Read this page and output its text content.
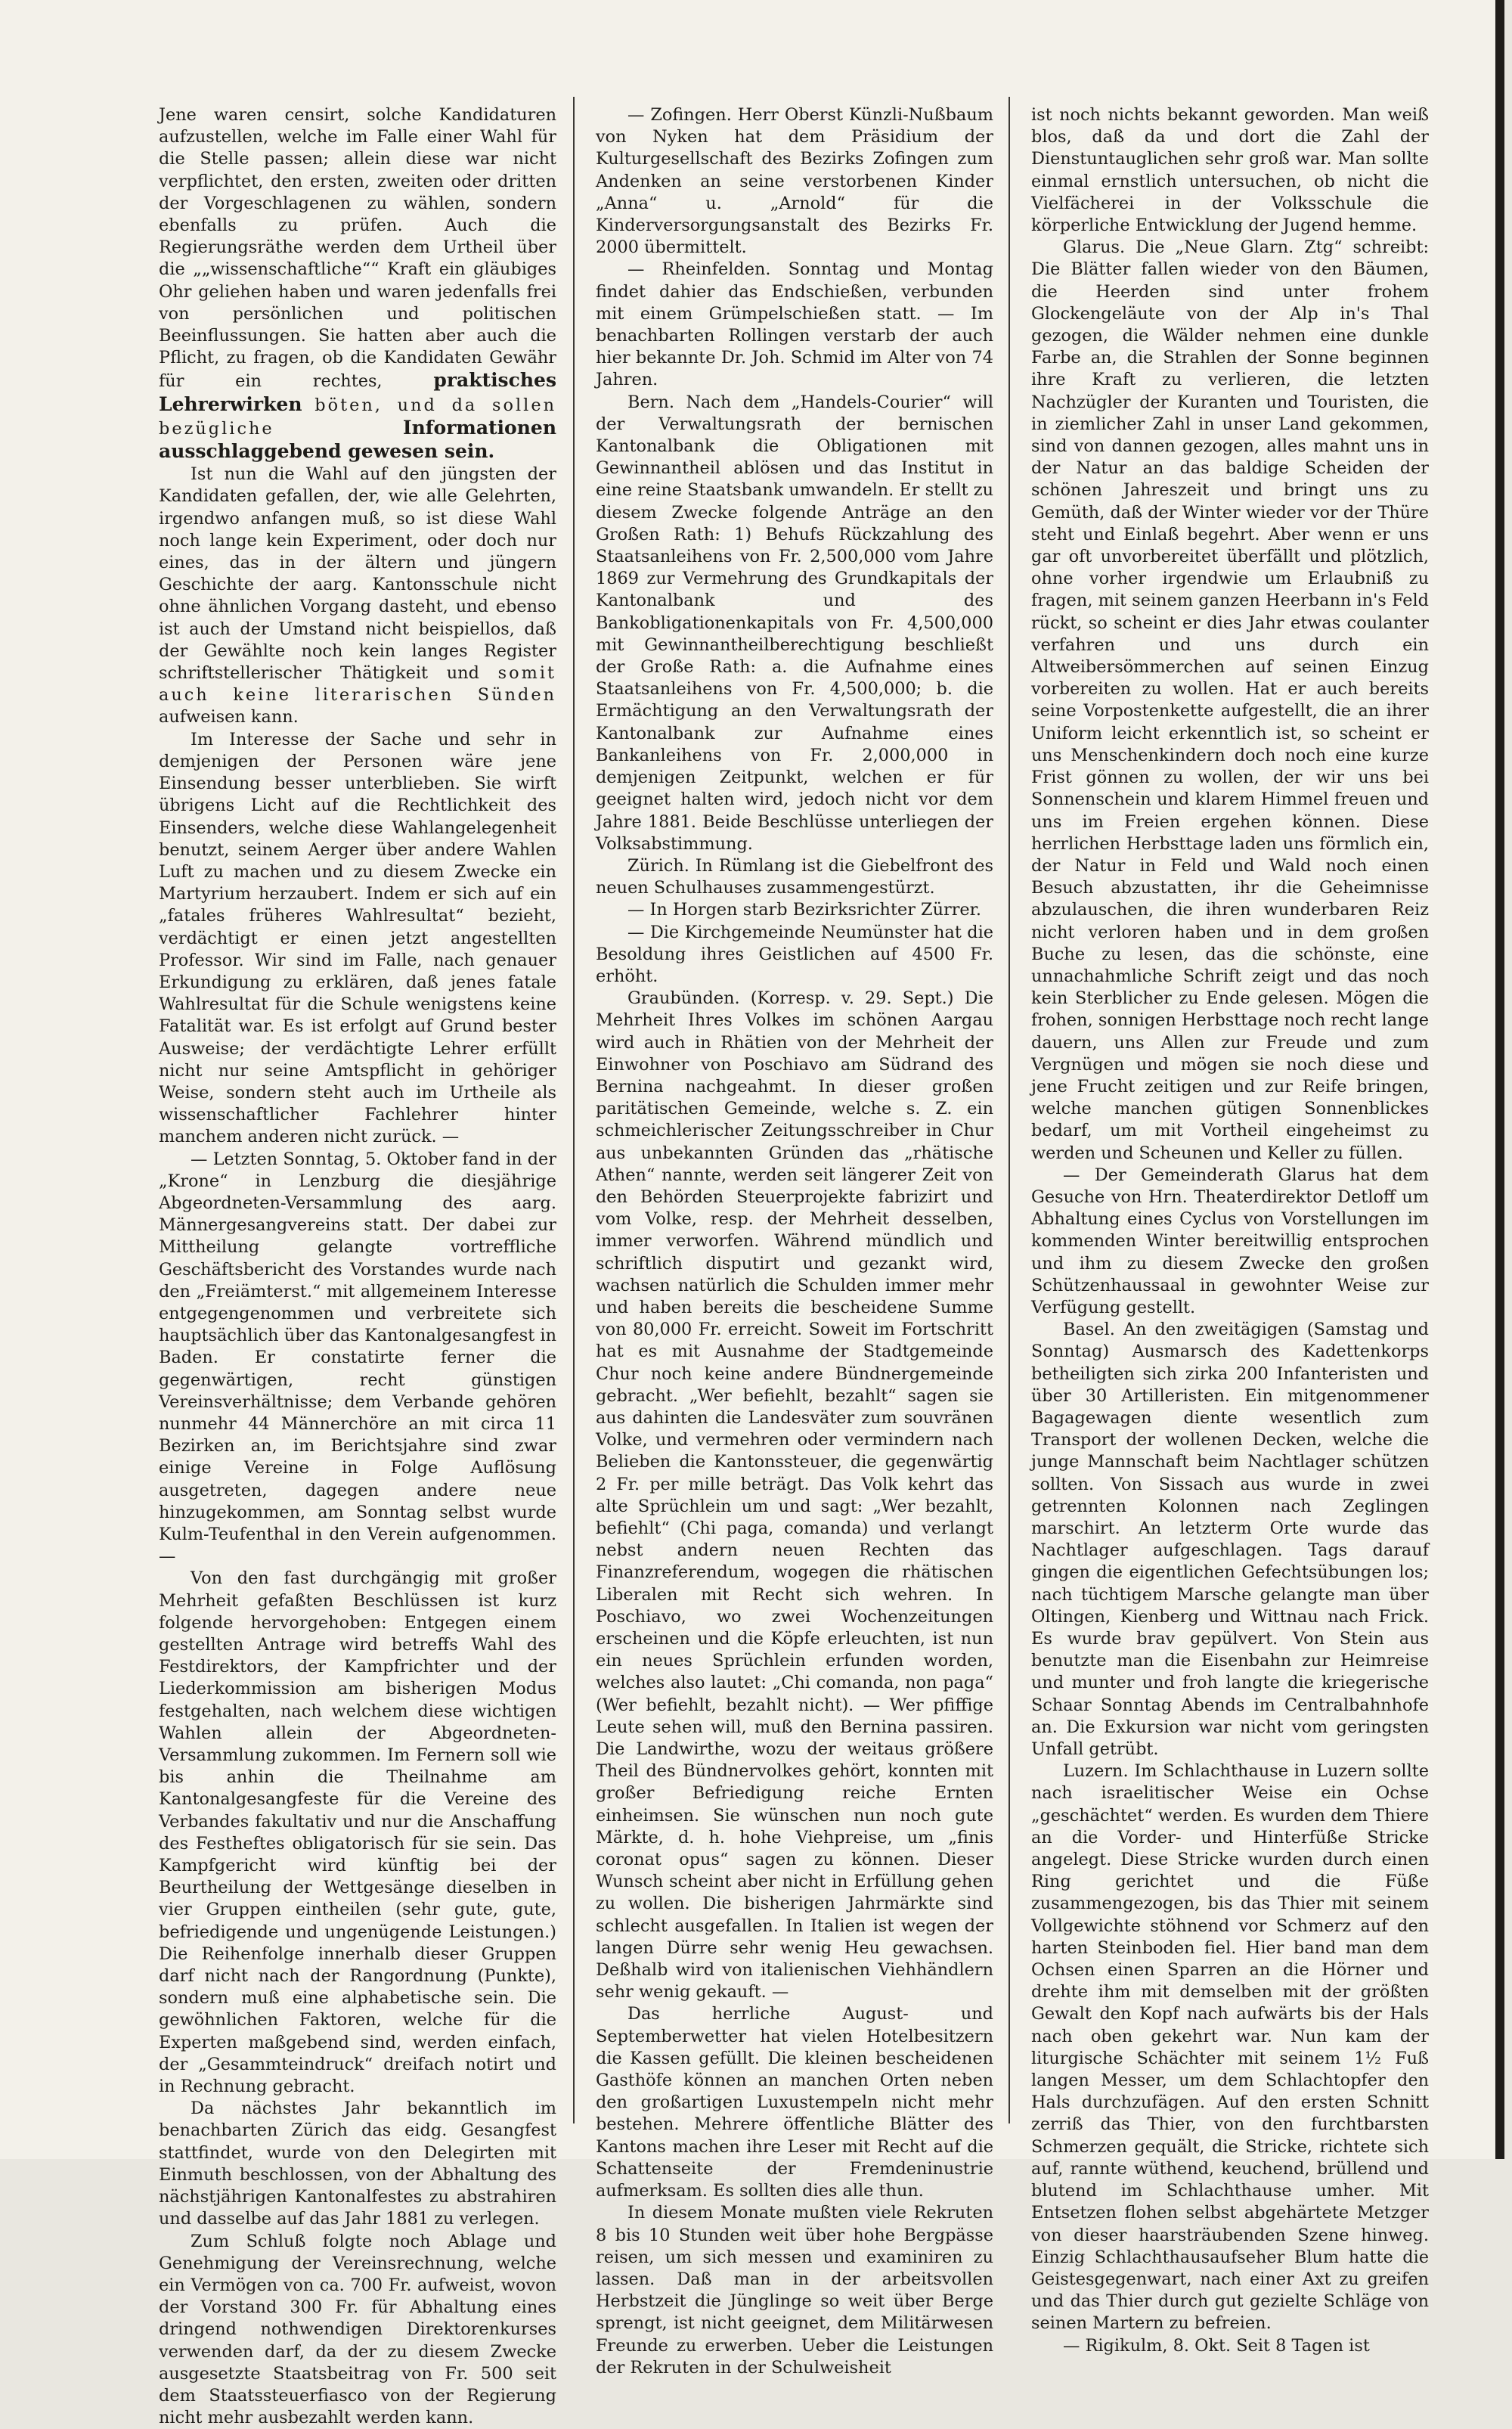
Jene waren censirt, solche Kandidaturen aufzustellen, welche im Falle einer Wahl für die Stelle passen; allein diese war nicht verpflichtet, den ersten, zweiten oder dritten der Vorgeschlagenen zu wählen, sondern ebenfalls zu prüfen. Auch die Regierungsräthe werden dem Urtheil über die „„wissenschaftliche““ Kraft ein gläubiges Ohr geliehen haben und waren jedenfalls frei von persönlichen und politischen Beeinflussungen. Sie hatten aber auch die Pflicht, zu fragen, ob die Kandidaten Gewähr für ein rechtes,	praktisches Lehrerwirken böten, und da sollen bezügliche	Informationen ausschlaggebend gewesen sein.

Ist nun die Wahl auf den jüngsten der Kandidaten gefallen, der, wie alle Gelehrten, irgendwo anfangen muß, so ist diese Wahl noch lange kein Experiment, oder doch nur eines, das in der ältern und jüngern Geschichte der aarg. Kantonsschule nicht ohne ähnlichen Vorgang dasteht, und ebenso ist auch der Umstand nicht beispiellos, daß der Gewählte noch kein langes Register schriftstellerischer Thätigkeit und somit auch keine literarischen Sünden aufweisen kann.

Im Interesse der Sache und sehr in demjenigen der Personen wäre jene Einsendung besser unterblieben. Sie wirft übrigens Licht auf die Rechtlichkeit des Einsenders, welche diese Wahlangelegenheit benutzt, seinem Aerger über andere Wahlen Luft zu machen und zu diesem Zwecke ein Martyrium herzaubert. Indem er sich auf ein „fatales früheres Wahlresultat“ bezieht, verdächtigt er einen jetzt angestellten Professor. Wir sind im Falle, nach genauer Erkundigung zu erklären, daß jenes fatale Wahlresultat für die Schule wenigstens keine Fatalität war. Es ist erfolgt auf Grund bester Ausweise; der verdächtigte Lehrer erfüllt nicht nur seine Amtspflicht in gehöriger Weise, sondern steht auch im Urtheile als wissenschaftlicher Fachlehrer hinter manchem anderen nicht zurück. —

— Letzten Sonntag, 5. Oktober fand in der „Krone“ in Lenzburg die diesjährige Abgeordneten-Versammlung des aarg. Männergesangvereins statt. Der dabei zur Mittheilung gelangte vortreffliche Geschäftsbericht des Vorstandes wurde nach den „Freiämterst.“ mit allgemeinem Interesse entgegengenommen und verbreitete sich hauptsächlich über das Kantonalgesangfest in Baden. Er constatirte ferner die gegenwärtigen, recht günstigen Vereinsverhältnisse; dem Verbande gehören nunmehr 44 Männerchöre an mit circa 11 Bezirken an, im Berichtsjahre sind zwar einige Vereine in Folge Auflösung ausgetreten, dagegen andere neue hinzugekommen, am Sonntag selbst wurde Kulm-Teufenthal in den Verein aufgenommen. —

Von den fast durchgängig mit großer Mehrheit gefaßten Beschlüssen ist kurz folgende hervorgehoben: Entgegen einem gestellten Antrage wird betreffs Wahl des Festdirektors, der Kampfrichter und der Liederkommission am bisherigen Modus festgehalten, nach welchem diese wichtigen Wahlen allein der Abgeordneten-Versammlung zukommen. Im Fernern soll wie bis anhin die Theilnahme am Kantonalgesangfeste für die Vereine des Verbandes fakultativ und nur die Anschaffung des Festheftes obligatorisch für sie sein. Das Kampfgericht wird künftig bei der Beurtheilung der Wettgesänge dieselben in vier Gruppen eintheilen (sehr gute, gute, befriedigende und ungenügende Leistungen.) Die Reihenfolge innerhalb dieser Gruppen darf nicht nach der Rangordnung (Punkte), sondern muß eine alphabetische sein. Die gewöhnlichen Faktoren, welche für die Experten maßgebend sind, werden einfach, der „Gesammteindruck“ dreifach notirt und in Rechnung gebracht.

Da nächstes Jahr bekanntlich im benachbarten Zürich das eidg. Gesangfest stattfindet, wurde von den Delegirten mit Einmuth beschlossen, von der Abhaltung des nächstjährigen Kantonalfestes zu abstrahiren und dasselbe auf das Jahr 1881 zu verlegen.

Zum Schluß folgte noch Ablage und Genehmigung der Vereinsrechnung, welche ein Vermögen von ca. 700 Fr. aufweist, wovon der Vorstand 300 Fr. für Abhaltung eines dringend nothwendigen Direktorenkurses verwenden darf, da der zu diesem Zwecke ausgesetzte Staatsbeitrag von Fr. 500 seit dem Staatssteuerfiasco von der Regierung nicht mehr ausbezahlt werden kann.

— Zofingen. Herr Oberst Künzli-Nußbaum von Nyken hat dem Präsidium der Kulturgesellschaft des Bezirks Zofingen zum Andenken an seine verstorbenen Kinder „Anna“ u. „Arnold“ für die Kinderversorgungsanstalt des Bezirks Fr. 2000 übermittelt.

— Rheinfelden. Sonntag und Montag findet dahier das Endschießen, verbunden mit einem Grümpelschießen statt. — Im benachbarten Rollingen verstarb der auch hier bekannte Dr. Joh. Schmid im Alter von 74 Jahren.

Bern. Nach dem „Handels-Courier“ will der Verwaltungsrath der bernischen Kantonalbank die Obligationen mit Gewinnantheil ablösen und das Institut in eine reine Staatsbank umwandeln. Er stellt zu diesem Zwecke folgende Anträge an den Großen Rath: 1) Behufs Rückzahlung des Staatsanleihens von Fr. 2,500,000 vom Jahre 1869 zur Vermehrung des Grundkapitals der Kantonalbank und des Bankobligationenkapitals von Fr. 4,500,000 mit Gewinnantheilberechtigung beschließt der Große Rath: a. die Aufnahme eines Staatsanleihens von Fr. 4,500,000; b. die Ermächtigung an den Verwaltungsrath der Kantonalbank zur Aufnahme eines Bankanleihens von Fr. 2,000,000 in demjenigen Zeitpunkt, welchen er für geeignet halten wird, jedoch nicht vor dem Jahre 1881. Beide Beschlüsse unterliegen der Volksabstimmung.

Zürich. In Rümlang ist die Giebelfront des neuen Schulhauses zusammengestürzt.

— In Horgen starb Bezirksrichter Zürrer.

— Die Kirchgemeinde Neumünster hat die Besoldung ihres Geistlichen auf 4500 Fr. erhöht.

Graubünden. (Korresp. v. 29. Sept.) Die Mehrheit Ihres Volkes im schönen Aargau wird auch in Rhätien von der Mehrheit der Einwohner von Poschiavo am Südrand des Bernina nachgeahmt. In dieser großen paritätischen Gemeinde, welche s. Z. ein schmeichlerischer Zeitungsschreiber in Chur aus unbekannten Gründen das „rhätische Athen“ nannte, werden seit längerer Zeit von den Behörden Steuerprojekte fabrizirt und vom Volke, resp. der Mehrheit desselben, immer verworfen. Während mündlich und schriftlich disputirt und gezankt wird, wachsen natürlich die Schulden immer mehr und haben bereits die bescheidene Summe von 80,000 Fr. erreicht. Soweit im Fortschritt hat es mit Ausnahme der Stadtgemeinde Chur noch keine andere Bündnergemeinde gebracht. „Wer befiehlt, bezahlt“ sagen sie aus dahinten die Landesväter zum souvränen Volke, und vermehren oder vermindern nach Belieben die Kantonssteuer, die gegenwärtig 2 Fr. per mille beträgt. Das Volk kehrt das alte Sprüchlein um und sagt: „Wer bezahlt, befiehlt“ (Chi paga, comanda) und verlangt nebst andern neuen Rechten das Finanzreferendum, wogegen die rhätischen Liberalen mit Recht sich wehren. In Poschiavo, wo zwei Wochenzeitungen erscheinen und die Köpfe erleuchten, ist nun ein neues Sprüchlein erfunden worden, welches also lautet: „Chi comanda, non paga“ (Wer befiehlt, bezahlt nicht). — Wer pfiffige Leute sehen will, muß den Bernina passiren. Die Landwirthe, wozu der weitaus größere Theil des Bündnervolkes gehört, konnten mit großer Befriedigung reiche Ernten einheimsen. Sie wünschen nun noch gute Märkte, d. h. hohe Viehpreise, um „finis coronat opus“ sagen zu können. Dieser Wunsch scheint aber nicht in Erfüllung gehen zu wollen. Die bisherigen Jahrmärkte sind schlecht ausgefallen. In Italien ist wegen der langen Dürre sehr wenig Heu gewachsen. Deßhalb wird von italienischen Viehhändlern sehr wenig gekauft. —

Das herrliche August- und Septemberwetter hat vielen Hotelbesitzern die Kassen gefüllt. Die kleinen bescheidenen Gasthöfe können an manchen Orten neben den großartigen Luxustempeln nicht mehr bestehen. Mehrere öffentliche Blätter des Kantons machen ihre Leser mit Recht auf die Schattenseite der Fremdeninustrie aufmerksam. Es sollten dies alle thun.

In diesem Monate mußten viele Rekruten 8 bis 10 Stunden weit über hohe Bergpässe reisen, um sich messen und examiniren zu lassen. Daß man in der arbeitsvollen Herbstzeit die Jünglinge so weit über Berge sprengt, ist nicht geeignet, dem Militärwesen Freunde zu erwerben. Ueber die Leistungen der Rekruten in der Schulweisheit

ist noch nichts bekannt geworden. Man weiß blos, daß da und dort die Zahl der Dienstuntauglichen sehr groß war. Man sollte einmal ernstlich untersuchen, ob nicht die Vielfächerei in der Volksschule die körperliche Entwicklung der Jugend hemme.

Glarus. Die „Neue Glarn. Ztg“ schreibt: Die Blätter fallen wieder von den Bäumen, die Heerden sind unter frohem Glockengeläute von der Alp in's Thal gezogen, die Wälder nehmen eine dunkle Farbe an, die Strahlen der Sonne beginnen ihre Kraft zu verlieren, die letzten Nachzügler der Kuranten und Touristen, die in ziemlicher Zahl in unser Land gekommen, sind von dannen gezogen, alles mahnt uns in der Natur an das baldige Scheiden der schönen Jahreszeit und bringt uns zu Gemüth, daß der Winter wieder vor der Thüre steht und Einlaß begehrt. Aber wenn er uns gar oft unvorbereitet überfällt und plötzlich, ohne vorher irgendwie um Erlaubniß zu fragen, mit seinem ganzen Heerbann in's Feld rückt, so scheint er dies Jahr etwas coulanter verfahren und uns durch ein Altweibersömmerchen auf seinen Einzug vorbereiten zu wollen. Hat er auch bereits seine Vorpostenkette aufgestellt, die an ihrer Uniform leicht erkenntlich ist, so scheint er uns Menschenkindern doch noch eine kurze Frist gönnen zu wollen, der wir uns bei Sonnenschein und klarem Himmel freuen und uns im Freien ergehen können. Diese herrlichen Herbsttage laden uns förmlich ein, der Natur in Feld und Wald noch einen Besuch abzustatten, ihr die Geheimnisse abzulauschen, die ihren wunderbaren Reiz nicht verloren haben und in dem großen Buche zu lesen, das die schönste, eine unnachahmliche Schrift zeigt und das noch kein Sterblicher zu Ende gelesen. Mögen die frohen, sonnigen Herbsttage noch recht lange dauern, uns Allen zur Freude und zum Vergnügen und mögen sie noch diese und jene Frucht zeitigen und zur Reife bringen, welche manchen gütigen Sonnenblickes bedarf, um mit Vortheil eingeheimst zu werden und Scheunen und Keller zu füllen.

— Der Gemeinderath Glarus hat dem Gesuche von Hrn. Theaterdirektor Detloff um Abhaltung eines Cyclus von Vorstellungen im kommenden Winter bereitwillig entsprochen und ihm zu diesem Zwecke den großen Schützenhaussaal in gewohnter Weise zur Verfügung gestellt.

Basel. An den zweitägigen (Samstag und Sonntag) Ausmarsch des Kadettenkorps betheiligten sich zirka 200 Infanteristen und über 30 Artilleristen. Ein mitgenommener Bagagewagen diente wesentlich zum Transport der wollenen Decken, welche die junge Mannschaft beim Nachtlager schützen sollten. Von Sissach aus wurde in zwei getrennten Kolonnen nach Zeglingen marschirt. An letzterm Orte wurde das Nachtlager aufgeschlagen. Tags darauf gingen die eigentlichen Gefechtsübungen los; nach tüchtigem Marsche gelangte man über Oltingen, Kienberg und Wittnau nach Frick. Es wurde brav gepülvert. Von Stein aus benutzte man die Eisenbahn zur Heimreise und munter und froh langte die kriegerische Schaar Sonntag Abends im Centralbahnhofe an. Die Exkursion war nicht vom geringsten Unfall getrübt.

Luzern. Im Schlachthause in Luzern sollte nach israelitischer Weise ein Ochse „geschächtet“ werden. Es wurden dem Thiere an die Vorder- und Hinterfüße Stricke angelegt. Diese Stricke wurden durch einen Ring gerichtet und die Füße zusammengezogen, bis das Thier mit seinem Vollgewichte stöhnend vor Schmerz auf den harten Steinboden fiel. Hier band man dem Ochsen einen Sparren an die Hörner und drehte ihm mit demselben mit der größten Gewalt den Kopf nach aufwärts bis der Hals nach oben gekehrt war. Nun kam der liturgische Schächter mit seinem 1½ Fuß langen Messer, um dem Schlachtopfer den Hals durchzufägen. Auf den ersten Schnitt zerriß das Thier, von den furchtbarsten Schmerzen gequält, die Stricke, richtete sich auf, rannte wüthend, keuchend, brüllend und blutend im Schlachthause umher. Mit Entsetzen flohen selbst abgehärtete Metzger von dieser haarsträubenden Szene hinweg. Einzig Schlachthausaufseher Blum hatte die Geistesgegenwart, nach einer Axt zu greifen und das Thier durch gut gezielte Schläge von seinen Martern zu befreien.

— Rigikulm, 8. Okt. Seit 8 Tagen ist
